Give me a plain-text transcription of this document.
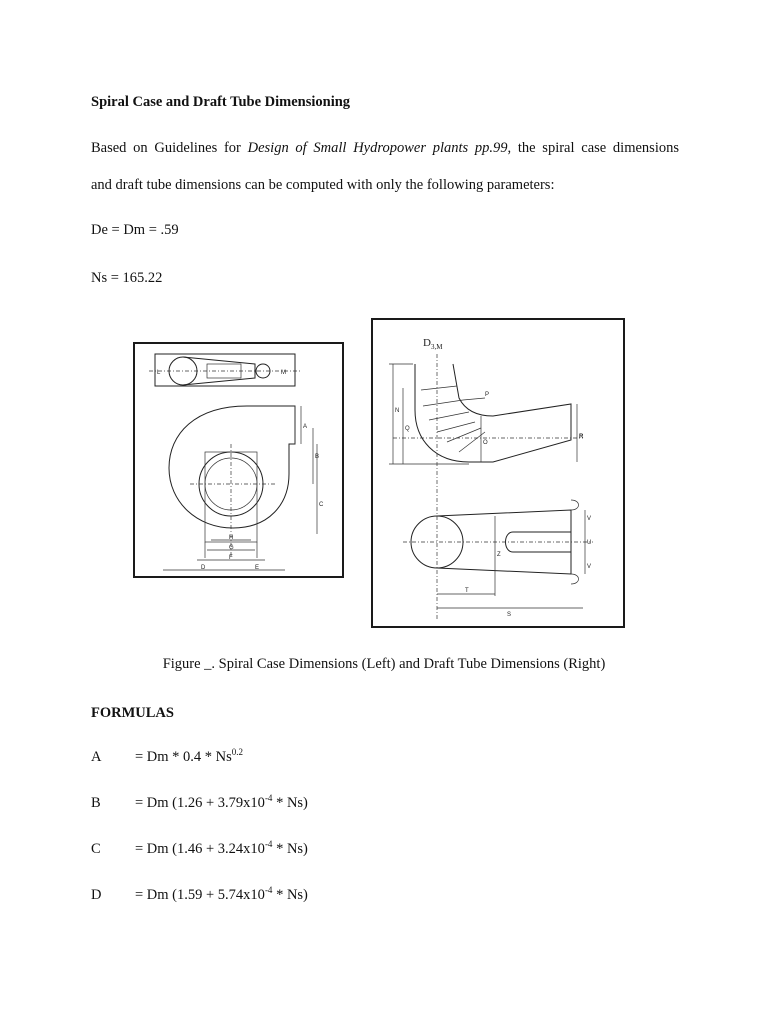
Spiral Case and Draft Tube Dimensioning
Based on Guidelines for Design of Small Hydropower plants pp.99, the spiral case dimensions
and draft tube dimensions can be computed with only the following parameters:
De = Dm = .59
Ns = 165.22
L	M
A
B
C
H
G
F
D	E
$D_{3,M}$
N
P
Q
O
R
V
U
V
Z
T
S
Figure _. Spiral Case Dimensions (Left) and Draft Tube Dimensions (Right)
FORMULAS
$A = Dm * 0.4 * Ns^{0.2}$
B = Dm $(1.26 + 3.79x10^{-4} * Ns)$
C = Dm $(1.46 + 3.24x10^{-4} * Ns)$
D = Dm $(1.59 + 5.74x10^{-4} * Ns)$
